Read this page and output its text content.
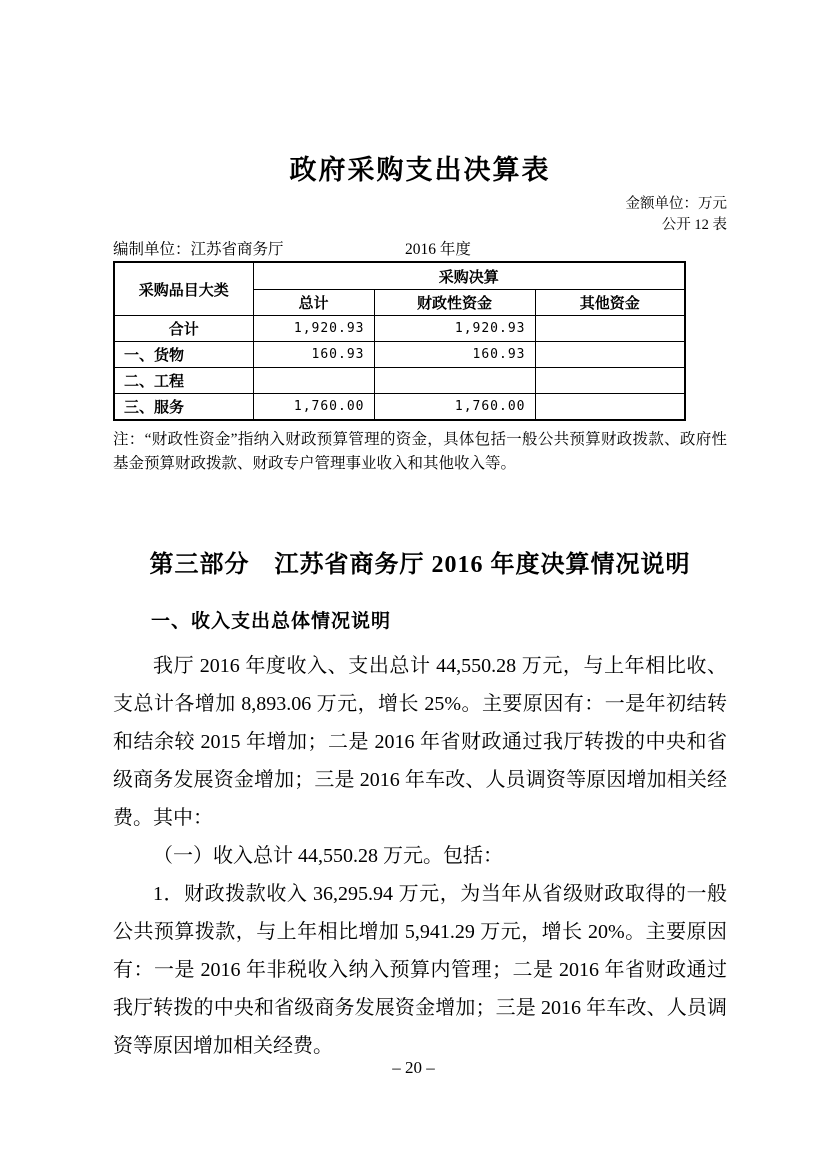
政府采购支出决算表
金额单位：万元
公开 12 表
编制单位：江苏省商务厅	2016 年度
采购品目大类	采购决算		
	总计	财政性资金	其他资金
合计	1,920.93	1,920.93	
一、货物	160.93	160.93	
二、工程			
三、服务	1,760.00	1,760.00	

注：“财政性资金”指纳入财政预算管理的资金，具体包括一般公共预算财政拨款、政府性基金预算财政拨款、财政专户管理事业收入和其他收入等。

第三部分　江苏省商务厅 2016 年度决算情况说明
一、收入支出总体情况说明

我厅 2016 年度收入、支出总计 44,550.28 万元，与上年相比收、支总计各增加 8,893.06 万元，增长 25%。主要原因有：一是年初结转和结余较 2015 年增加；二是 2016 年省财政通过我厅转拨的中央和省级商务发展资金增加；三是 2016 年车改、人员调资等原因增加相关经费。其中：

（一）收入总计 44,550.28 万元。包括：

1．财政拨款收入 36,295.94 万元，为当年从省级财政取得的一般公共预算拨款，与上年相比增加 5,941.29 万元，增长 20%。主要原因有：一是 2016 年非税收入纳入预算内管理；二是 2016 年省财政通过我厅转拨的中央和省级商务发展资金增加；三是 2016 年车改、人员调资等原因增加相关经费。

– 20 –
